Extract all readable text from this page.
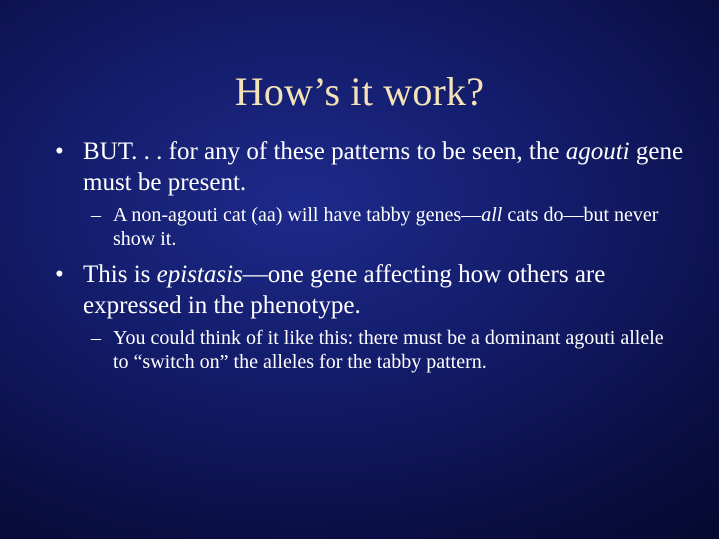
How’s it work?
• BUT. . . for any of these patterns to be seen, the agouti gene must be present.
– A non-agouti cat (aa) will have tabby genes—all cats do—but never show it.
• This is epistasis—one gene affecting how others are expressed in the phenotype.
– You could think of it like this: there must be a dominant agouti allele to “switch on” the alleles for the tabby pattern.
